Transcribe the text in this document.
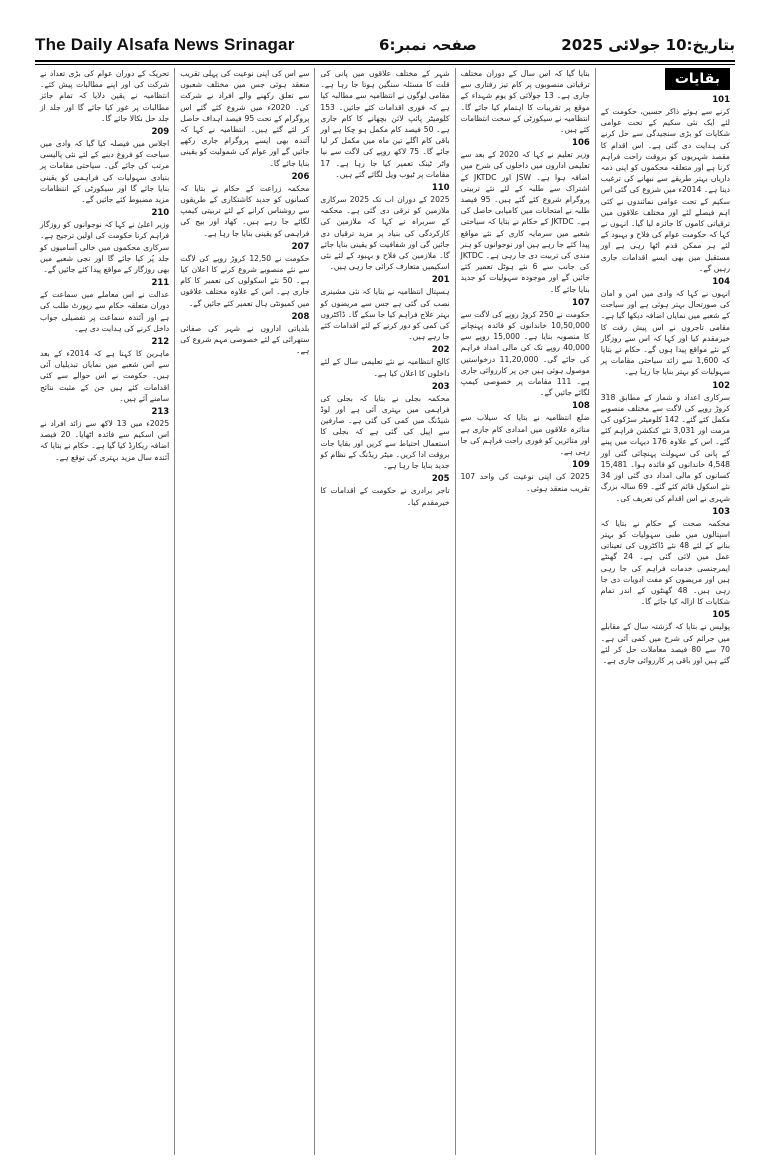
The Daily Alsafa News Srinagar	صفحہ نمبر:6	بتاریخ:10 جولائی 2025
بقایات
101

کرنے سے ہوئے ذاکر حسین، حکومت کے لئے ایک نئی سکیم کے تحت عوامی شکایات کو بڑی سنجیدگی سے حل کرنے کی ہدایت دی گئی ہے۔ اس اقدام کا مقصد شہریوں کو بروقت راحت فراہم کرنا ہے اور متعلقہ محکموں کو اپنی ذمہ داریاں بہتر طریقے سے نبھانے کی ترغیب دینا ہے۔ 2014ء میں شروع کی گئی اس سکیم کے تحت عوامی نمائندوں نے کئی اہم فیصلے لئے اور مختلف علاقوں میں ترقیاتی کاموں کا جائزہ لیا گیا۔ انہوں نے کہا کہ حکومت عوام کی فلاح و بہبود کے لئے ہر ممکن قدم اٹھا رہی ہے اور مستقبل میں بھی ایسے اقدامات جاری رہیں گے۔

104

انہوں نے کہا کہ وادی میں امن و امان کی صورتحال بہتر ہوئی ہے اور سیاحت کے شعبے میں نمایاں اضافہ دیکھا گیا ہے۔ مقامی تاجروں نے اس پیش رفت کا خیرمقدم کیا اور کہا کہ اس سے روزگار کے نئے مواقع پیدا ہوں گے۔ حکام نے بتایا کہ 1,600 سے زائد سیاحتی مقامات پر سہولیات کو بہتر بنایا جا رہا ہے۔

102

سرکاری اعداد و شمار کے مطابق 318 کروڑ روپے کی لاگت سے مختلف منصوبے مکمل کئے گئے۔ 142 کلومیٹر سڑکوں کی مرمت اور 3,031 نئے کنکشن فراہم کئے گئے۔ اس کے علاوہ 176 دیہات میں پینے کے پانی کی سہولت پہنچائی گئی اور 4,548 خاندانوں کو فائدہ ہوا۔ 15,481 کسانوں کو مالی امداد دی گئی اور 34 نئے اسکول قائم کئے گئے۔ 69 سالہ بزرگ شہری نے اس اقدام کی تعریف کی۔

103

محکمہ صحت کے حکام نے بتایا کہ اسپتالوں میں طبی سہولیات کو بہتر بنانے کے لئے 48 نئے ڈاکٹروں کی تعیناتی عمل میں لائی گئی ہے۔ 24 گھنٹے ایمرجنسی خدمات فراہم کی جا رہی ہیں اور مریضوں کو مفت ادویات دی جا رہی ہیں۔ 48 گھنٹوں کے اندر تمام شکایات کا ازالہ کیا جائے گا۔

105

پولیس نے بتایا کہ گزشتہ سال کے مقابلے میں جرائم کی شرح میں کمی آئی ہے۔ 70 سے 80 فیصد معاملات حل کر لئے گئے ہیں اور باقی پر کارروائی جاری ہے۔

بتایا گیا کہ اس سال کے دوران مختلف ترقیاتی منصوبوں پر کام تیز رفتاری سے جاری ہے۔ 13 جولائی کو یوم شہداء کے موقع پر تقریبات کا اہتمام کیا جائے گا۔ انتظامیہ نے سیکورٹی کے سخت انتظامات کئے ہیں۔

106

وزیر تعلیم نے کہا کہ 2020 کے بعد سے تعلیمی اداروں میں داخلوں کی شرح میں اضافہ ہوا ہے۔ JSW اور JKTDC کے اشتراک سے طلبہ کے لئے نئے تربیتی پروگرام شروع کئے گئے ہیں۔ 95 فیصد طلبہ نے امتحانات میں کامیابی حاصل کی ہے۔ JKTDC کے حکام نے بتایا کہ سیاحتی شعبے میں سرمایہ کاری کے نئے مواقع پیدا کئے جا رہے ہیں اور نوجوانوں کو ہنر مندی کی تربیت دی جا رہی ہے۔ JKTDC کی جانب سے 6 نئے ہوٹل تعمیر کئے جائیں گے اور موجودہ سہولیات کو جدید بنایا جائے گا۔

107

حکومت نے 250 کروڑ روپے کی لاگت سے 10,50,000 خاندانوں کو فائدہ پہنچانے کا منصوبہ بنایا ہے۔ 15,000 روپے سے 40,000 روپے تک کی مالی امداد فراہم کی جائے گی۔ 11,20,000 درخواستیں موصول ہوئی ہیں جن پر کارروائی جاری ہے۔ 111 مقامات پر خصوصی کیمپ لگائے جائیں گے۔

108

ضلع انتظامیہ نے بتایا کہ سیلاب سے متاثرہ علاقوں میں امدادی کام جاری ہے اور متاثرین کو فوری راحت فراہم کی جا رہی ہے۔

109

2025 کی اپنی نوعیت کی واحد 107 تقریب منعقد ہوئی۔

شہر کے مختلف علاقوں میں پانی کی قلت کا مسئلہ سنگین ہوتا جا رہا ہے۔ مقامی لوگوں نے انتظامیہ سے مطالبہ کیا ہے کہ فوری اقدامات کئے جائیں۔ 153 کلومیٹر پائپ لائن بچھانے کا کام جاری ہے۔ 50 فیصد کام مکمل ہو چکا ہے اور باقی کام اگلے تین ماہ میں مکمل کر لیا جائے گا۔ 75 لاکھ روپے کی لاگت سے نیا واٹر ٹینک تعمیر کیا جا رہا ہے۔ 17 مقامات پر ٹیوب ویل لگائے گئے ہیں۔

110

2025 کے دوران اب تک 2025 سرکاری ملازمین کو ترقی دی گئی ہے۔ محکمہ کے سربراہ نے کہا کہ ملازمین کی کارکردگی کی بنیاد پر مزید ترقیاں دی جائیں گی اور شفافیت کو یقینی بنایا جائے گا۔ ملازمین کی فلاح و بہبود کے لئے نئی اسکیمیں متعارف کرائی جا رہی ہیں۔

201

ہسپتال انتظامیہ نے بتایا کہ نئی مشینری نصب کی گئی ہے جس سے مریضوں کو بہتر علاج فراہم کیا جا سکے گا۔ ڈاکٹروں کی کمی کو دور کرنے کے لئے اقدامات کئے جا رہے ہیں۔

202

کالج انتظامیہ نے نئے تعلیمی سال کے لئے داخلوں کا اعلان کیا ہے۔

203

محکمہ بجلی نے بتایا کہ بجلی کی فراہمی میں بہتری آئی ہے اور لوڈ شیڈنگ میں کمی کی گئی ہے۔ صارفین سے اپیل کی گئی ہے کہ بجلی کا استعمال احتیاط سے کریں اور بقایا جات بروقت ادا کریں۔ میٹر ریڈنگ کے نظام کو جدید بنایا جا رہا ہے۔

205

تاجر برادری نے حکومت کے اقدامات کا خیرمقدم کیا۔

سے اس کی اپنی نوعیت کی پہلی تقریب منعقد ہوئی جس میں مختلف شعبوں سے تعلق رکھنے والے افراد نے شرکت کی۔ 2020ء میں شروع کئے گئے اس پروگرام کے تحت 95 فیصد اہداف حاصل کر لئے گئے ہیں۔ انتظامیہ نے کہا کہ آئندہ بھی ایسے پروگرام جاری رکھے جائیں گے اور عوام کی شمولیت کو یقینی بنایا جائے گا۔

206

محکمہ زراعت کے حکام نے بتایا کہ کسانوں کو جدید کاشتکاری کے طریقوں سے روشناس کرانے کے لئے تربیتی کیمپ لگائے جا رہے ہیں۔ کھاد اور بیج کی فراہمی کو یقینی بنایا جا رہا ہے۔

207

حکومت نے 12,50 کروڑ روپے کی لاگت سے نئے منصوبے شروع کرنے کا اعلان کیا ہے۔ 50 نئے اسکولوں کی تعمیر کا کام جاری ہے۔ اس کے علاوہ مختلف علاقوں میں کمیونٹی ہال تعمیر کئے جائیں گے۔

208

بلدیاتی اداروں نے شہر کی صفائی ستھرائی کے لئے خصوصی مہم شروع کی ہے۔

تحریک کے دوران عوام کی بڑی تعداد نے شرکت کی اور اپنے مطالبات پیش کئے۔ انتظامیہ نے یقین دلایا کہ تمام جائز مطالبات پر غور کیا جائے گا اور جلد از جلد حل نکالا جائے گا۔

209

اجلاس میں فیصلہ کیا گیا کہ وادی میں سیاحت کو فروغ دینے کے لئے نئی پالیسی مرتب کی جائے گی۔ سیاحتی مقامات پر بنیادی سہولیات کی فراہمی کو یقینی بنایا جائے گا اور سیکورٹی کے انتظامات مزید مضبوط کئے جائیں گے۔

210

وزیر اعلیٰ نے کہا کہ نوجوانوں کو روزگار فراہم کرنا حکومت کی اولین ترجیح ہے۔ سرکاری محکموں میں خالی آسامیوں کو جلد پُر کیا جائے گا اور نجی شعبے میں بھی روزگار کے مواقع پیدا کئے جائیں گے۔

211

عدالت نے اس معاملے میں سماعت کے دوران متعلقہ حکام سے رپورٹ طلب کی ہے اور آئندہ سماعت پر تفصیلی جواب داخل کرنے کی ہدایت دی ہے۔

212

ماہرین کا کہنا ہے کہ 2014ء کے بعد سے اس شعبے میں نمایاں تبدیلیاں آئی ہیں۔ حکومت نے اس حوالے سے کئی اقدامات کئے ہیں جن کے مثبت نتائج سامنے آئے ہیں۔

213

2025ء میں 13 لاکھ سے زائد افراد نے اس اسکیم سے فائدہ اٹھایا۔ 20 فیصد اضافہ ریکارڈ کیا گیا ہے۔ حکام نے بتایا کہ آئندہ سال مزید بہتری کی توقع ہے۔
